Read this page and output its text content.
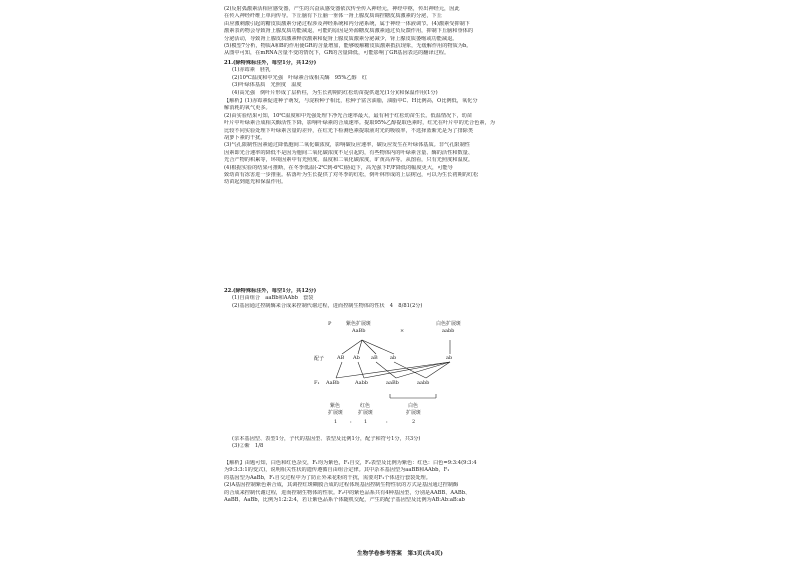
(2)反射弧激素活相应感受器，产生的兴奋从感受器依次传至传入神经元，神经中枢，传出神经元，因此
在传入神经纤维上单向传导。下丘脑有下丘脑一垂体一肾上腺皮质调控糖皮质激素的分泌，下丘
由应激刺激引起的糖皮质激素分泌过程涉及神经系统和内分泌系统，属于神经一体液调节。(4)激素受抑制下
激素表药物会导致肾上腺皮质功能减退，可能的原因是外源糖皮质激素通过负反馈作用，抑制下丘脑和垂体的
分泌活动，导致肾上腺皮质激素释放激素和促肾上腺皮质激素分泌减少，肾上腺皮质萎缩或功能减退。
(5)模型7分析，物质A和B的作用使GR的含量增加，能够缓解糖皮质激素抵抗现象，无缓解作用的物质为b。
从图中可知，在mRNA含量不变的情况下，GR的含量降低，可能影响了GR基因表达的翻译过程。
21.(除特殊标注外，每空1分，共12分)
(1)赤霉素　胚乳
(2)10℃温度和中光强　叶绿素合成相关酶　95%乙醇　红
(3)叶绿体基质　光照度　温度
(4)高光强　倒叶片形成了层析柱，为生长初期的红松幼苗提供遮光(1分)(和保温作用(1分)
【解析】(1)赤霉素促进种子萌发，与淀粉种子相比，松种子富含油脂，油脂中C、H比例高，O比例低，氧化分
解消耗的氧气更多。
(2)由实验结果可知，10℃温度和中光强处理下净光合速率最大，最有利于红松幼苗生长。低温情况下，幼苗
叶片中叶绿素合成相关酶活性下降，影响叶绿素的合成速率。提取95%乙醇提取色素时，红光在叶片中的光合色素，为
比较不同实验处理下叶绿素含量的差异，在红光下检测色素提取液对光的吸收率，不选择蓝紫光是为了排除类
胡萝卜素的干扰。
(3)气孔限制性因素通过降低胞间二氧化碳浓度，影响碳反应速率，碳反应发生在叶绿体基质。非气孔限制性
因素即光合速率的降低不是因为胞间二氧化碳浓度不足引起的，有些物体内的叶绿素含量、酶的活性和数量、
光合产物的积累等，环境因素中有光照度、温度和二氧化碳浓度，旷黄高养等。从图看，只有光照度和温度。
(4)根据实验的结果可推断，在冬季低温(-2℃到-6℃)胁迫下，高光强下F/F降低的幅度更大，可能导
致幼苗有冻害进一步推重。枯落叶为生长提供了对冬季的红松，倒叶林形成的上层树冠，可以为生长初期的红松
幼苗起到遮光和保温作用。
22.(除特殊标注外，每空1分，共12分)
(1)自由组合　aaBb和AAbb　套袋
(2)基因通过控制酶来合成来控制代谢过程，进而控制生物体的性状　4　8/81(2分)
P	紫色扩展斑
AaBb	×
白色扩展斑
aabb
配子	AB Ab aB ab	ab
F₁ AaBb	Aabb	aaBb	aabb
紫色
扩展斑
红色
扩展斑
白色
扩展斑
1	: 1	:	2
(亲本基因型、表型1分，子代的基因型、表型及比例1分，配子和符号1分，共3分)
(3)②紫　1/8
【解析】由题可知，白色和红色杂交，F₁均为紫色，F₁自交，F₂表型及比例为紫色：红色：白色=9:3:4(9:3:4
为9:3:3:1的变式)，说明相关性状的遗传遵循自由组合定律。其中杂本基因型为aaBB和AAbb，F₁
的基因型为AaBb，F₁自交过程中为了防止外来花粉的干扰，需要对F₁个体进行套袋处理。
(2)A基因控制紫色素合成，其调控红斑糊膜合成的过程体现基因控制生物性状的方式是基因通过控制酶
的合成来控制代谢过程，进而控制生物体的性状。F₂中的紫色品系共有4种基因型，分别是AABB、AABb、
AaBB、AaBb，比例为1:2:2:4，若让紫色品系个体随机交配，产生的配子基因型及比例为AB:Ab:aB:ab
生物学卷参考答案　第3页(共4页)
